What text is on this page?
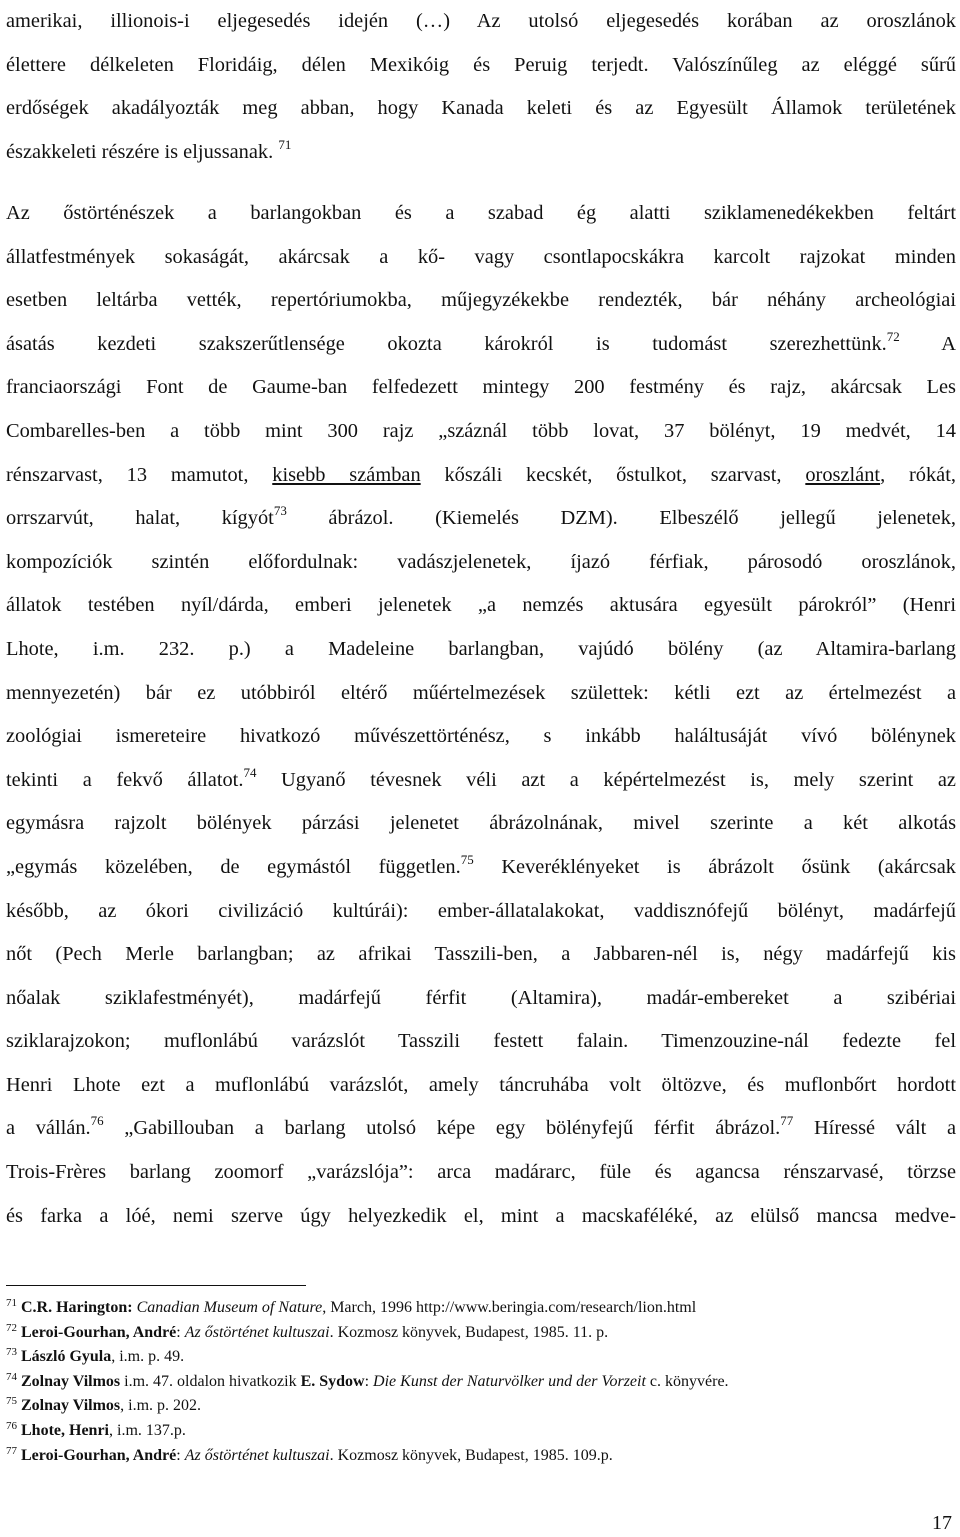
amerikai, illionois-i eljegesedés idején (…) Az utolsó eljegesedés korában az oroszlánok
élettere délkeleten Floridáig, délen Mexikóig és Peruig terjedt. Valószínűleg az eléggé sűrű
erdőségek akadályozták meg abban, hogy Kanada keleti és az Egyesült Államok területének
északkeleti részére is eljussanak. $^{71}$
Az őstörténészek a barlangokban és a szabad ég alatti sziklamenedékekben feltárt
állatfestmények sokaságát, akárcsak a kő- vagy csontlapocskákra karcolt rajzokat minden
esetben leltárba vették, repertóriumokba, műjegyzékekbe rendezték, bár néhány archeológiai
ásatás kezdeti szakszerűtlensége okozta károkról is tudomást szerezhettünk.$^{72}$ A
franciaországi Font de Gaume-ban felfedezett mintegy 200 festmény és rajz, akárcsak Les
Combarelles-ben a több mint 300 rajz „száznál több lovat, 37 bölényt, 19 medvét, 14
rénszarvast, 13 mamutot, kisebb számban kőszáli kecskét, őstulkot, szarvast, oroszlánt, rókát,
orrszarvút, halat, kígyót$^{73}$ ábrázol. (Kiemelés DZM). Elbeszélő jellegű jelenetek,
kompozíciók szintén előfordulnak: vadászjelenetek, íjazó férfiak, párosodó oroszlánok,
állatok testében nyíl/dárda, emberi jelenetek „a nemzés aktusára egyesült párokról” (Henri
Lhote, i.m. 232. p.) a Madeleine barlangban, vajúdó bölény (az Altamira-barlang
mennyezetén) bár ez utóbbiról eltérő műértelmezések születtek: kétli ezt az értelmezést a
zoológiai ismereteire hivatkozó művészettörténész, s inkább haláltusáját vívó bölénynek
tekinti a fekvő állatot.$^{74}$ Ugyanő tévesnek véli azt a képértelmezést is, mely szerint az
egymásra rajzolt bölények párzási jelenetet ábrázolnának, mivel szerinte a két alkotás
„egymás közelében, de egymástól független.$^{75}$ Keveréklényeket is ábrázolt ősünk (akárcsak
később, az ókori civilizáció kultúrái): ember-állatalakokat, vaddisznófejű bölényt, madárfejű
nőt (Pech Merle barlangban; az afrikai Tasszili-ben, a Jabbaren-nél is, négy madárfejű kis
nőalak sziklafestményét), madárfejű férfit (Altamira), madár-embereket a szibériai
sziklarajzokon; muflonlábú varázslót Tasszili festett falain. Timenzouzine-nál fedezte fel
Henri Lhote ezt a muflonlábú varázslót, amely táncruhába volt öltözve, és muflonbőrt hordott
a vállán.$^{76}$ „Gabillouban a barlang utolsó képe egy bölényfejű férfit ábrázol.$^{77}$ Híressé vált a
Trois-Frères barlang zoomorf „varázslója”: arca madárarc, füle és agancsa rénszarvasé, törzse
és farka a lóé, nemi szerve úgy helyezkedik el, mint a macskaféléké, az elülső mancsa medve-
$^{71}$ C.R. Harington: Canadian Museum of Nature, March, 1996 http://www.beringia.com/research/lion.html
$^{72}$ Leroi-Gourhan, André: Az őstörténet kultuszai. Kozmosz könyvek, Budapest, 1985. 11. p.
$^{73}$ László Gyula, i.m. p. 49.
$^{74}$ Zolnay Vilmos i.m. 47. oldalon hivatkozik E. Sydow: Die Kunst der Naturvölker und der Vorzeit c. könyvére.
$^{75}$ Zolnay Vilmos, i.m. p. 202.
$^{76}$ Lhote, Henri, i.m. 137.p.
$^{77}$ Leroi-Gourhan, André: Az őstörténet kultuszai. Kozmosz könyvek, Budapest, 1985. 109.p.
17
